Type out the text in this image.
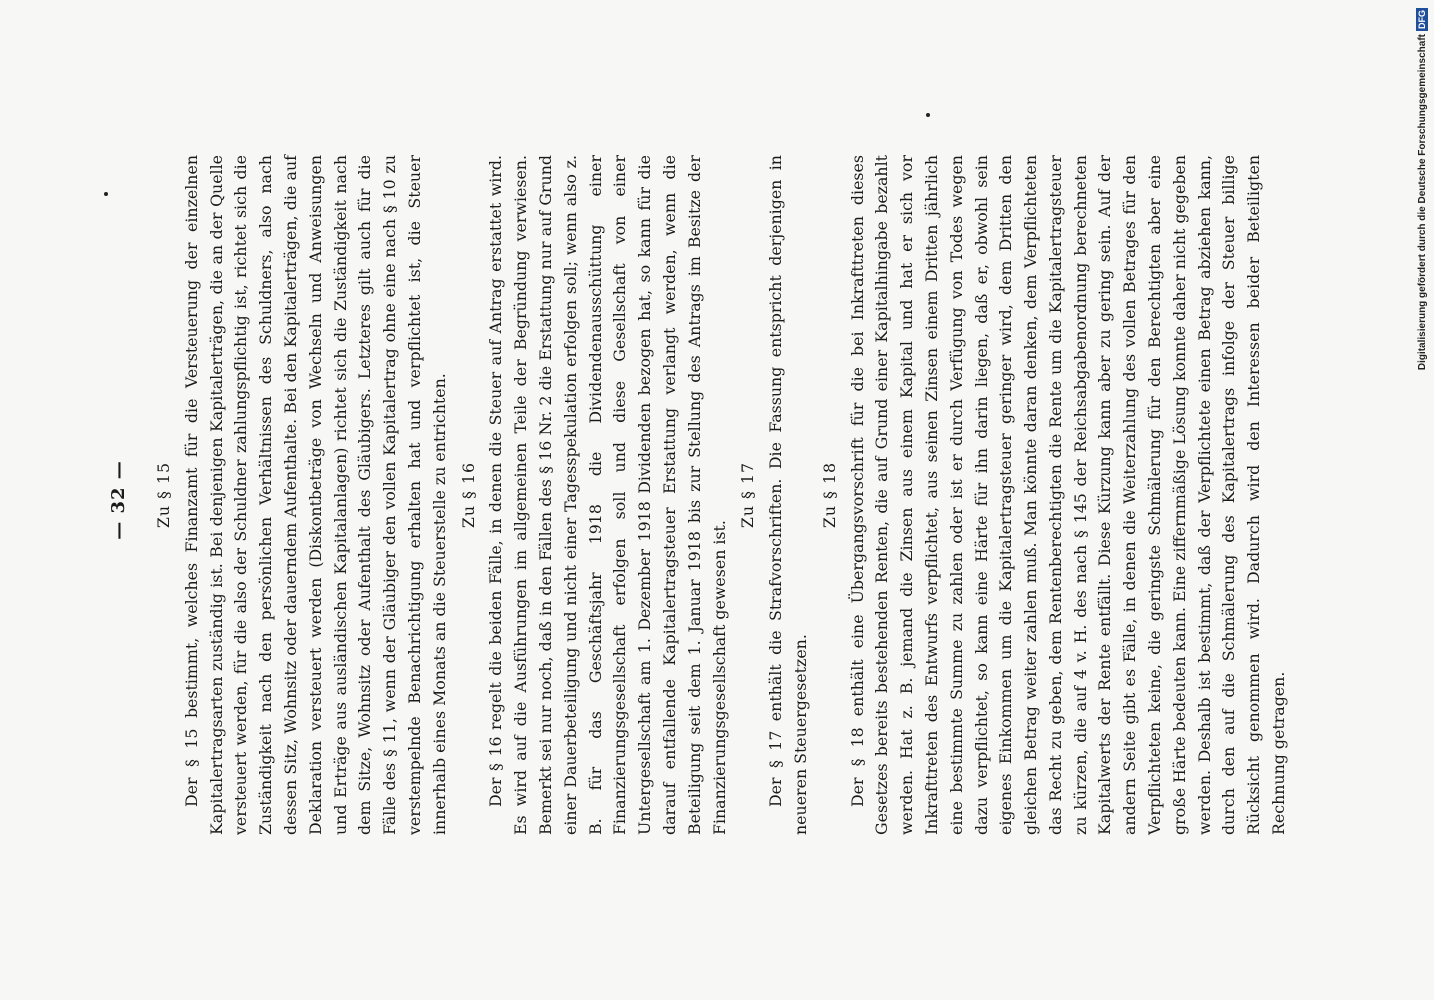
— 32 — Zu § 15 Der § 15 bestimmt, welches Finanzamt für die Versteuerung der einzelnen Kapitalertragsarten zuständig ist. Bei denjenigen Kapitalerträgen, die an der Quelle versteuert werden, für die also der Schuldner zahlungspflichtig ist, richtet sich die Zuständigkeit nach den persönlichen Verhältnissen des Schuldners, also nach dessen Sitz, Wohnsitz oder dauerndem Aufenthalte. Bei den Kapitalerträgen, die auf Deklaration versteuert werden (Diskontbeträge von Wechseln und Anweisungen und Erträge aus ausländischen Kapitalanlagen) richtet sich die Zuständigkeit nach dem Sitze, Wohnsitz oder Aufenthalt des Gläubigers. Letzteres gilt auch für die Fälle des § 11, wenn der Gläubiger den vollen Kapitalertrag ohne eine nach § 10 zu verstempelnde Benachrichtigung erhalten hat und verpflichtet ist, die Steuer innerhalb eines Monats an die Steuerstelle zu entrichten. Zu § 16 Der § 16 regelt die beiden Fälle, in denen die Steuer auf Antrag erstattet wird. Es wird auf die Ausführungen im allgemeinen Teile der Begründung verwiesen. Bemerkt sei nur noch, daß in den Fällen des § 16 Nr. 2 die Erstattung nur auf Grund einer Dauerbeteiligung und nicht einer Tagesspekulation erfolgen soll; wenn also z. B. für das Geschäftsjahr 1918 die Dividendenausschüttung einer Finanzierungsgesellschaft erfolgen soll und diese Gesellschaft von einer Untergesellschaft am 1. Dezember 1918 Dividenden bezogen hat, so kann für die darauf entfallende Kapitalertragsteuer Erstattung verlangt werden, wenn die Beteiligung seit dem 1. Januar 1918 bis zur Stellung des Antrags im Besitze der Finanzierungsgesellschaft gewesen ist.

Zu § 17 Der § 17 enthält die Strafvorschriften. Die Fassung entspricht derjenigen in neueren Steuergesetzen.

Zu § 18 Der § 18 enthält eine Übergangsvorschrift für die bei Inkrafttreten dieses Gesetzes bereits bestehenden Renten, die auf Grund einer Kapitalhingabe bezahlt werden. Hat z. B. jemand die Zinsen aus einem Kapital und hat er sich vor Inkrafttreten des Entwurfs verpflichtet, aus seinen Zinsen einem Dritten jährlich eine bestimmte Summe zu zahlen oder ist er durch Verfügung von Todes wegen dazu verpflichtet, so kann eine Härte für ihn darin liegen, daß er, obwohl sein eigenes Einkommen um die Kapitalertragsteuer geringer wird, dem Dritten den gleichen Betrag weiter zahlen muß. Man könnte daran denken, dem Verpflichteten das Recht zu geben, dem Rentenberechtigten die Rente um die Kapitalertragsteuer zu kürzen, die auf 4 v. H. des nach § 145 der Reichsabgabenordnung berechneten Kapitalwerts der Rente entfällt. Diese Kürzung kann aber zu gering sein. Auf der andern Seite gibt es Fälle, in denen die Weiterzahlung des vollen Betrages für den Verpflichteten keine, die geringste Schmälerung für den Berechtigten aber eine große Härte bedeuten kann. Eine ziffernmäßige Lösung konnte daher nicht gegeben werden. Deshalb ist bestimmt, daß der Verpflichtete einen Betrag abziehen kann, durch den auf die Schmälerung des Kapitalertrags infolge der Steuer billige Rücksicht genommen wird. Dadurch wird den Interessen beider Beteiligten Rechnung getragen.

Digitalisierung gefördert durch die Deutsche Forschungsgemeinschaft
DFG
